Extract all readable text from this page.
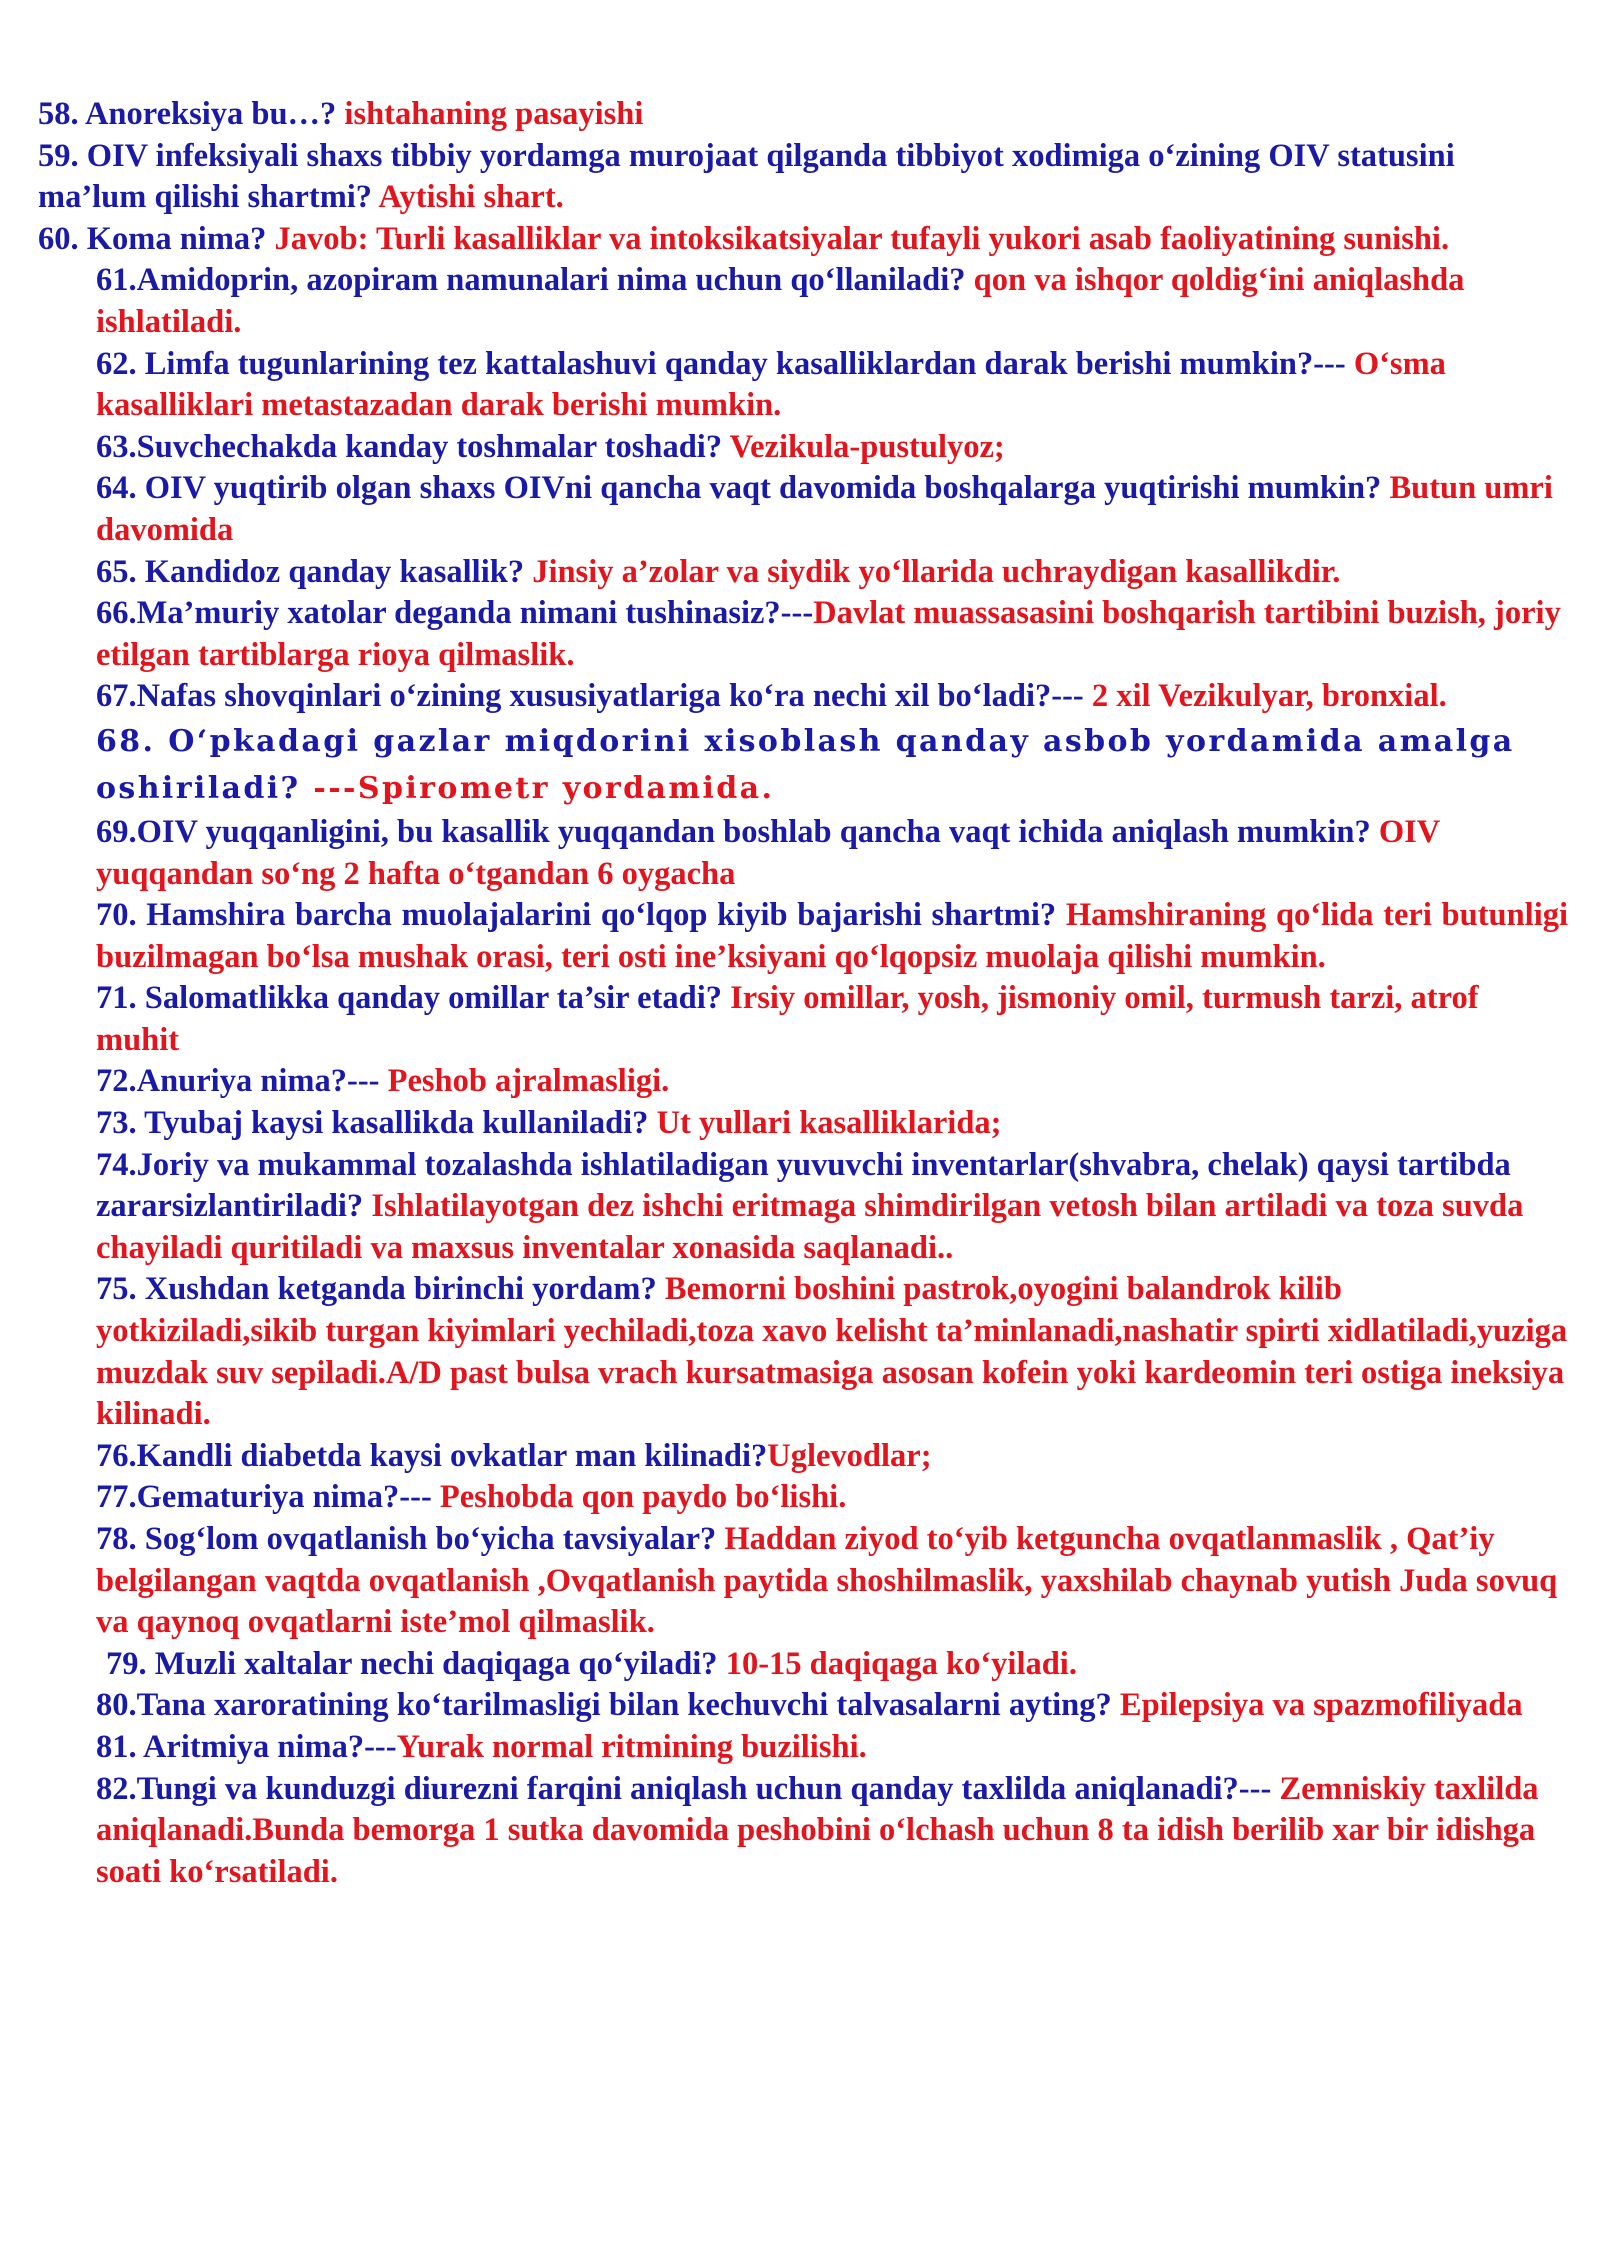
58. Anoreksiya bu…? ishtahaning pasayishi

59. OIV infeksiyali shaxs tibbiy yordamga murojaat qilganda tibbiyot xodimiga o‘zining OIV statusini ma’lum qilishi shartmi? Aytishi shart.

60. Koma nima? Javob: Turli kasalliklar va intoksikatsiyalar tufayli yukori asab faoliyatining sunishi.

61.Amidoprin, azopiram namunalari nima uchun qo‘llaniladi? qon va ishqor qoldig‘ini aniqlashda ishlatiladi.

62. Limfa tugunlarining tez kattalashuvi qanday kasalliklardan darak berishi mumkin?--- O‘sma kasalliklari metastazadan darak berishi mumkin.

63.Suvchechakda kanday toshmalar toshadi? Vezikula-pustulyoz;

64. OIV yuqtirib olgan shaxs OIVni qancha vaqt davomida boshqalarga yuqtirishi mumkin? Butun umri davomida

65. Kandidoz qanday kasallik? Jinsiy a’zolar va siydik yo‘llarida uchraydigan kasallikdir.

66.Ma’muriy xatolar deganda nimani tushinasiz?---Davlat muassasasini boshqarish tartibini buzish, joriy etilgan tartiblarga rioya qilmaslik.

67.Nafas shovqinlari o‘zining xususiyatlariga ko‘ra nechi xil bo‘ladi?--- 2 xil Vezikulyar, bronxial.

68. O‘pkadagi gazlar miqdorini xisoblash qanday asbob yordamida amalga oshiriladi? ---Spirometr yordamida.

69.OIV yuqqanligini, bu kasallik yuqqandan boshlab qancha vaqt ichida aniqlash mumkin? OIV yuqqandan so‘ng 2 hafta o‘tgandan 6 oygacha

70. Hamshira barcha muolajalarini qo‘lqop kiyib bajarishi shartmi? Hamshiraning qo‘lida teri butunligi buzilmagan bo‘lsa mushak orasi, teri osti ine’ksiyani qo‘lqopsiz muolaja qilishi mumkin.

71. Salomatlikka qanday omillar ta’sir etadi? Irsiy omillar, yosh, jismoniy omil, turmush tarzi, atrof muhit

72.Anuriya nima?--- Peshob ajralmasligi.

73. Tyubaj kaysi kasallikda kullaniladi? Ut yullari kasalliklarida;

74.Joriy va mukammal tozalashda ishlatiladigan yuvuvchi inventarlar(shvabra, chelak) qaysi tartibda zararsizlantiriladi? Ishlatilayotgan dez ishchi eritmaga shimdirilgan vetosh bilan artiladi va toza suvda chayiladi quritiladi va maxsus inventalar xonasida saqlanadi..

75. Xushdan ketganda birinchi yordam? Bemorni boshini pastrok,oyogini balandrok kilib yotkiziladi,sikib turgan kiyimlari yechiladi,toza xavo kelisht ta’minlanadi,nashatir spirti xidlatiladi,yuziga muzdak suv sepiladi.A/D past bulsa vrach kursatmasiga asosan kofein yoki kardeomin teri ostiga ineksiya kilinadi.

76.Kandli diabetda kaysi ovkatlar man kilinadi?Uglevodlar;

77.Gematuriya nima?--- Peshobda qon paydo bo‘lishi.

78. Sog‘lom ovqatlanish bo‘yicha tavsiyalar? Haddan ziyod to‘yib ketguncha ovqatlanmaslik , Qat’iy belgilangan vaqtda ovqatlanish ,Ovqatlanish paytida shoshilmaslik, yaxshilab chaynab yutish Juda sovuq va qaynoq ovqatlarni iste’mol qilmaslik.

79. Muzli xaltalar nechi daqiqaga qo‘yiladi? 10-15 daqiqaga ko‘yiladi.

80.Tana xaroratining ko‘tarilmasligi bilan kechuvchi talvasalarni ayting? Epilepsiya va spazmofiliyada

81. Aritmiya nima?---Yurak normal ritmining buzilishi.

82.Tungi va kunduzgi diurezni farqini aniqlash uchun qanday taxlilda aniqlanadi?--- Zemniskiy taxlilda aniqlanadi.Bunda bemorga 1 sutka davomida peshobini o‘lchash uchun 8 ta idish berilib xar bir idishga soati ko‘rsatiladi.
